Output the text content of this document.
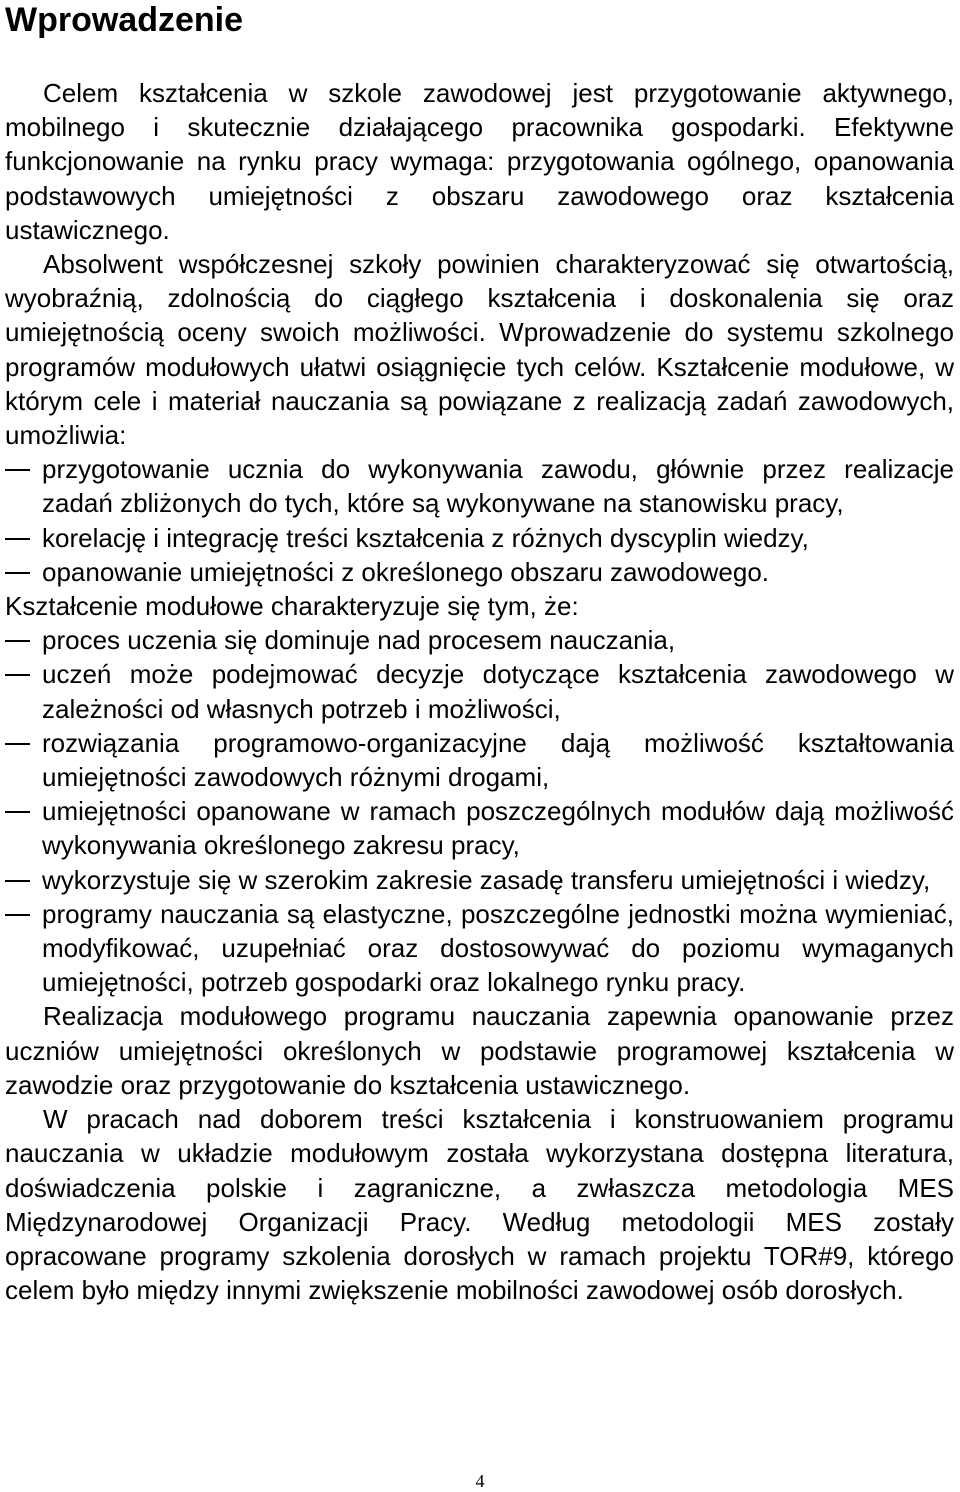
Wprowadzenie

Celem kształcenia w szkole zawodowej jest przygotowanie aktywnego, mobilnego i skutecznie działającego pracownika gospodarki. Efektywne funkcjonowanie na rynku pracy wymaga: przygotowania ogólnego, opanowania podstawowych umiejętności z obszaru zawodowego oraz kształcenia ustawicznego.

Absolwent współczesnej szkoły powinien charakteryzować się otwartością, wyobraźnią, zdolnością do ciągłego kształcenia i doskonalenia się oraz umiejętnością oceny swoich możliwości. Wprowadzenie do systemu szkolnego programów modułowych ułatwi osiągnięcie tych celów. Kształcenie modułowe, w którym cele i materiał nauczania są powiązane z realizacją zadań zawodowych, umożliwia:

przygotowanie ucznia do wykonywania zawodu, głównie przez realizacje zadań zbliżonych do tych, które są wykonywane na stanowisku pracy,
korelację i integrację treści kształcenia z różnych dyscyplin wiedzy,
opanowanie umiejętności z określonego obszaru zawodowego.

Kształcenie modułowe charakteryzuje się tym, że:

proces uczenia się dominuje nad procesem nauczania,
uczeń może podejmować decyzje dotyczące kształcenia zawodowego w zależności od własnych potrzeb i możliwości,
rozwiązania programowo-organizacyjne dają możliwość kształtowania umiejętności zawodowych różnymi drogami,
umiejętności opanowane w ramach poszczególnych modułów dają możliwość wykonywania określonego zakresu pracy,
wykorzystuje się w szerokim zakresie zasadę transferu umiejętności i wiedzy,
programy nauczania są elastyczne, poszczególne jednostki można wymieniać, modyfikować, uzupełniać oraz dostosowywać do poziomu wymaganych umiejętności, potrzeb gospodarki oraz lokalnego rynku pracy.

Realizacja modułowego programu nauczania zapewnia opanowanie przez uczniów umiejętności określonych w podstawie programowej kształcenia w zawodzie oraz przygotowanie do kształcenia ustawicznego.

W pracach nad doborem treści kształcenia i konstruowaniem programu nauczania w układzie modułowym została wykorzystana dostępna literatura, doświadczenia polskie i zagraniczne, a zwłaszcza metodologia MES Międzynarodowej Organizacji Pracy. Według metodologii MES zostały opracowane programy szkolenia dorosłych w ramach projektu TOR#9, którego celem było między innymi zwiększenie mobilności zawodowej osób dorosłych.

4
